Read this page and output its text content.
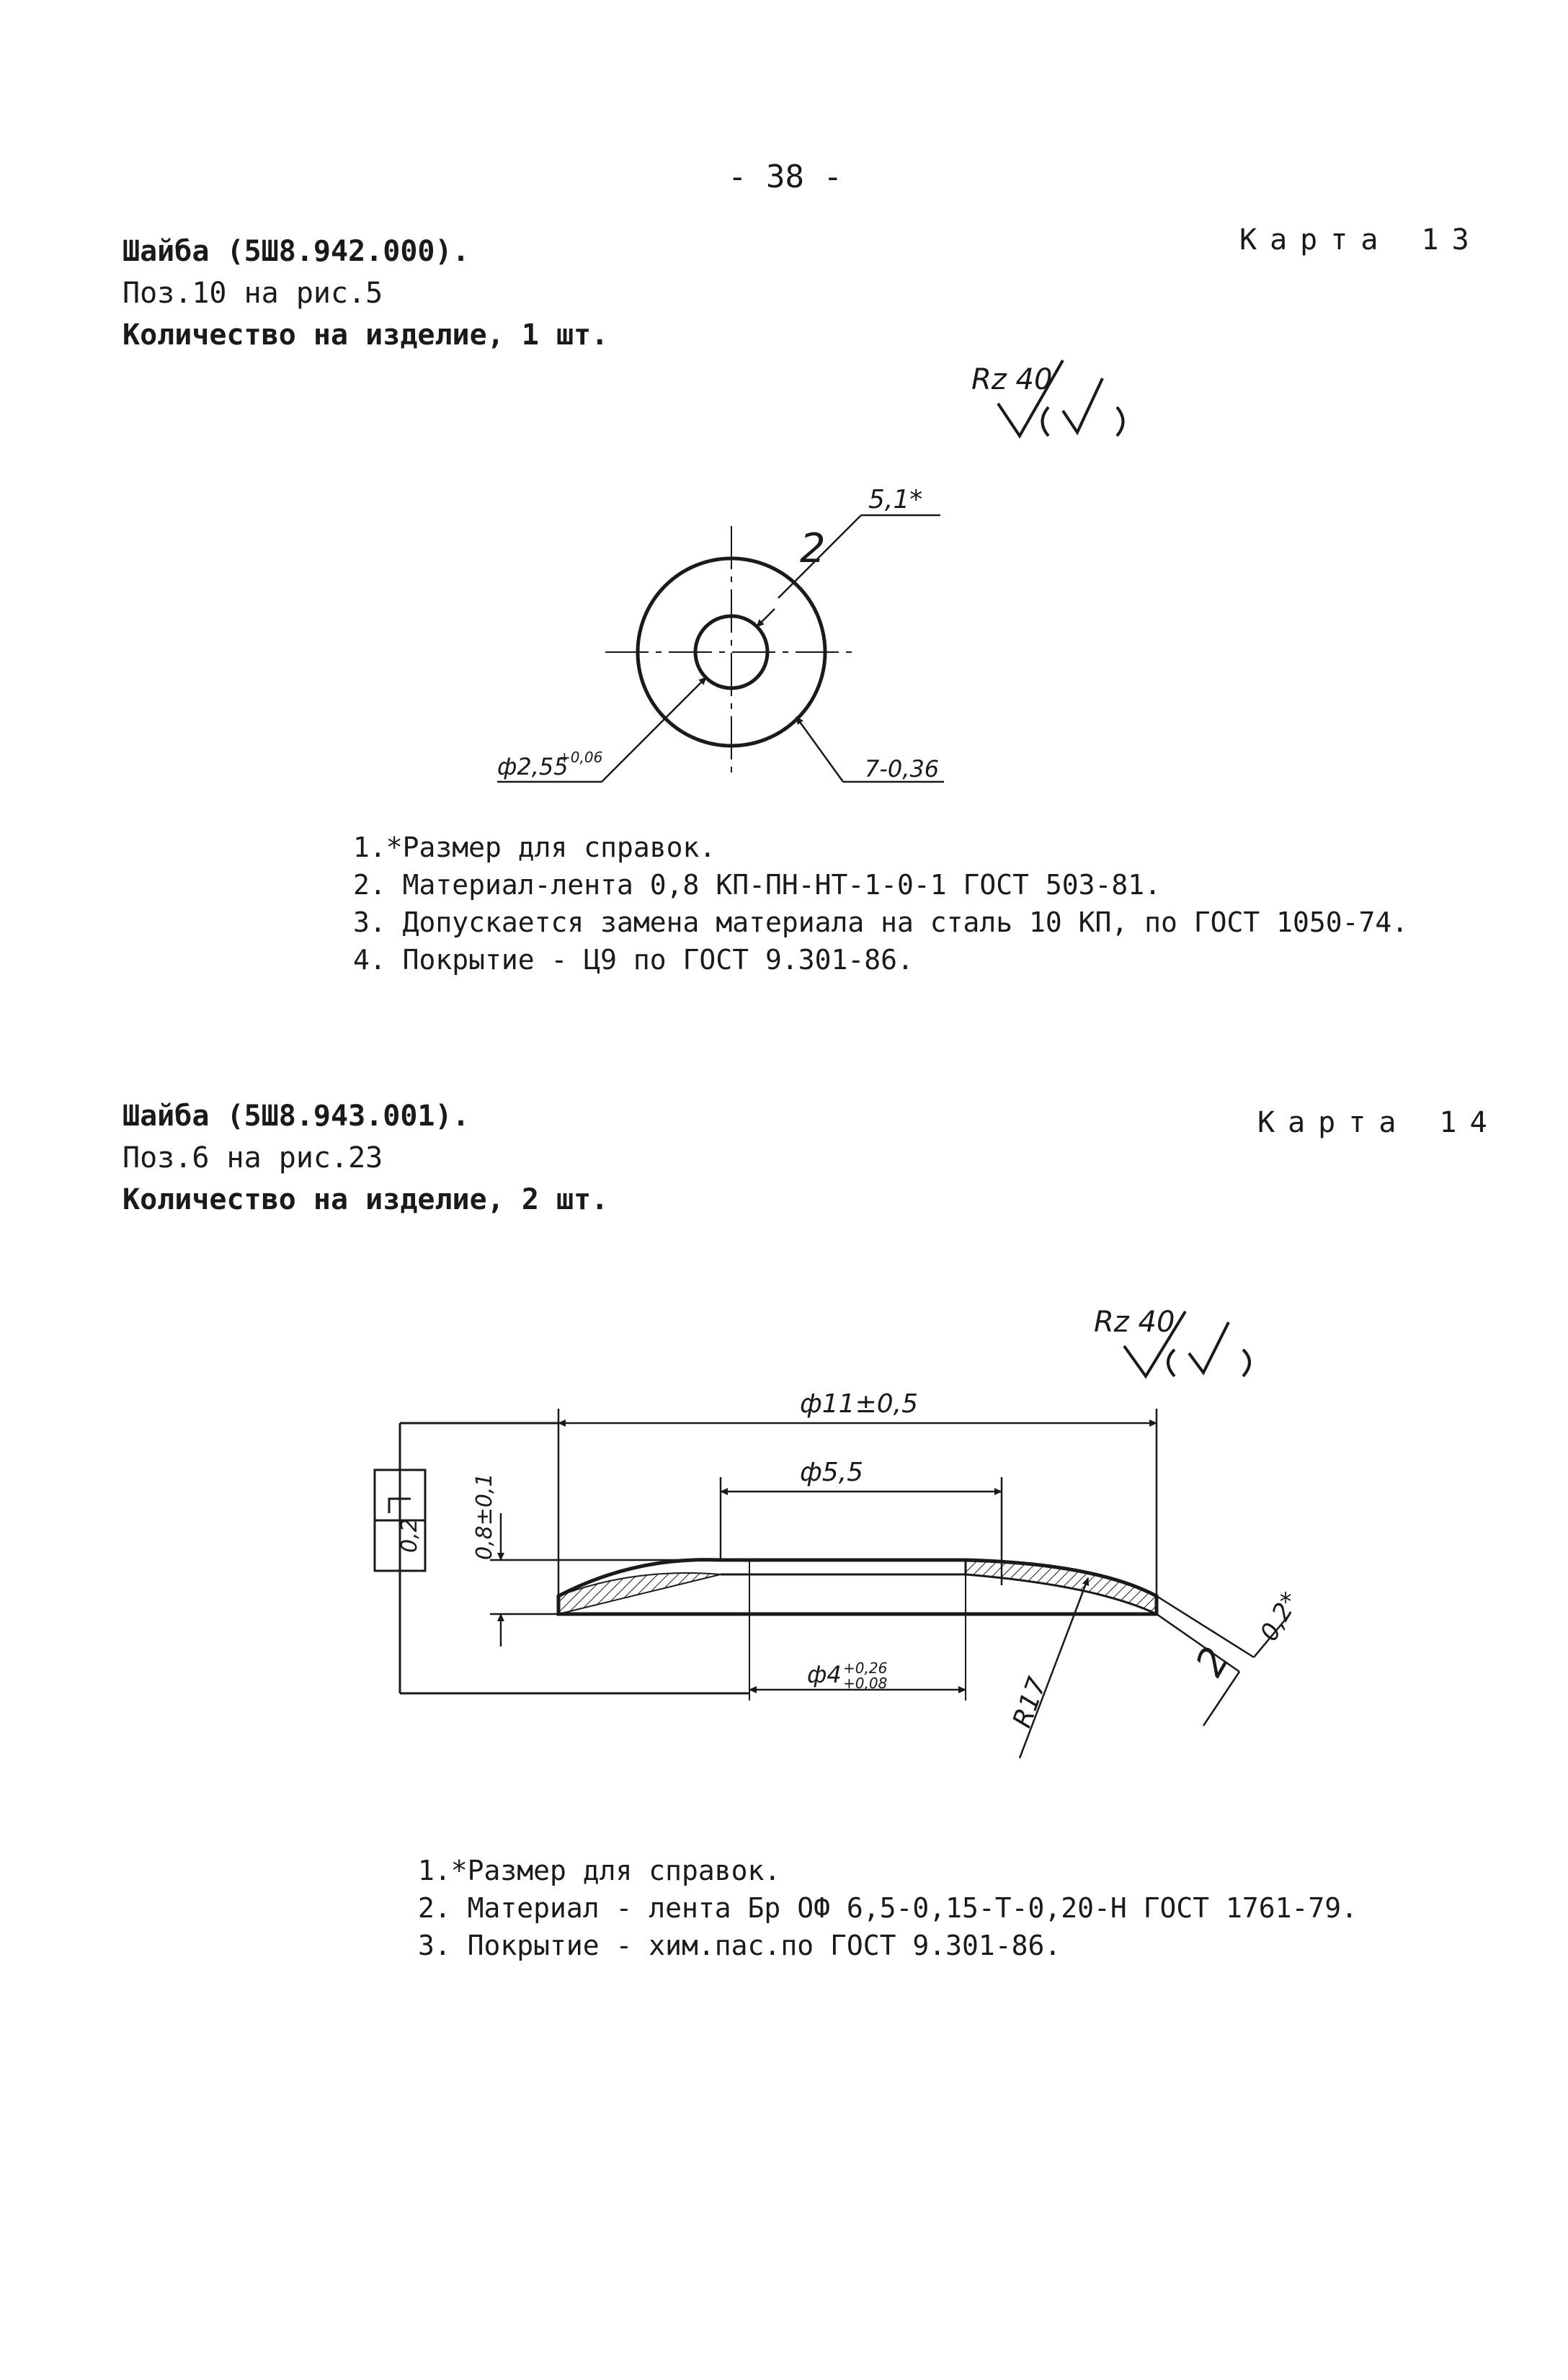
- 38 -
Шайба (5Ш8.942.000).
Поз.10 на рис.5
Количество на изделие, 1 шт.
Карта 13
Шайба (5Ш8.943.001).
Поз.6 на рис.23
Количество на изделие, 2 шт.
Карта 14
Rz 40
2
5,1*
ф2,55
+0,06	7-0,36
Rz 40
ф11±0,5
ф5,5
0,8±0,1
0,2
ф4 +0,26
+0,08	R17
2
0,2*
1.*Размер для справок.
2. Материал-лента 0,8 КП-ПН-НТ-1-0-1 ГОСТ 503-81.
3. Допускается замена материала на сталь 10 КП, по ГОСТ 1050-74.
4. Покрытие - Ц9 по ГОСТ 9.301-86.
1.*Размер для справок.
2. Материал - лента Бр ОФ 6,5-0,15-Т-0,20-Н ГОСТ 1761-79.
3. Покрытие - хим.пас.по ГОСТ 9.301-86.
